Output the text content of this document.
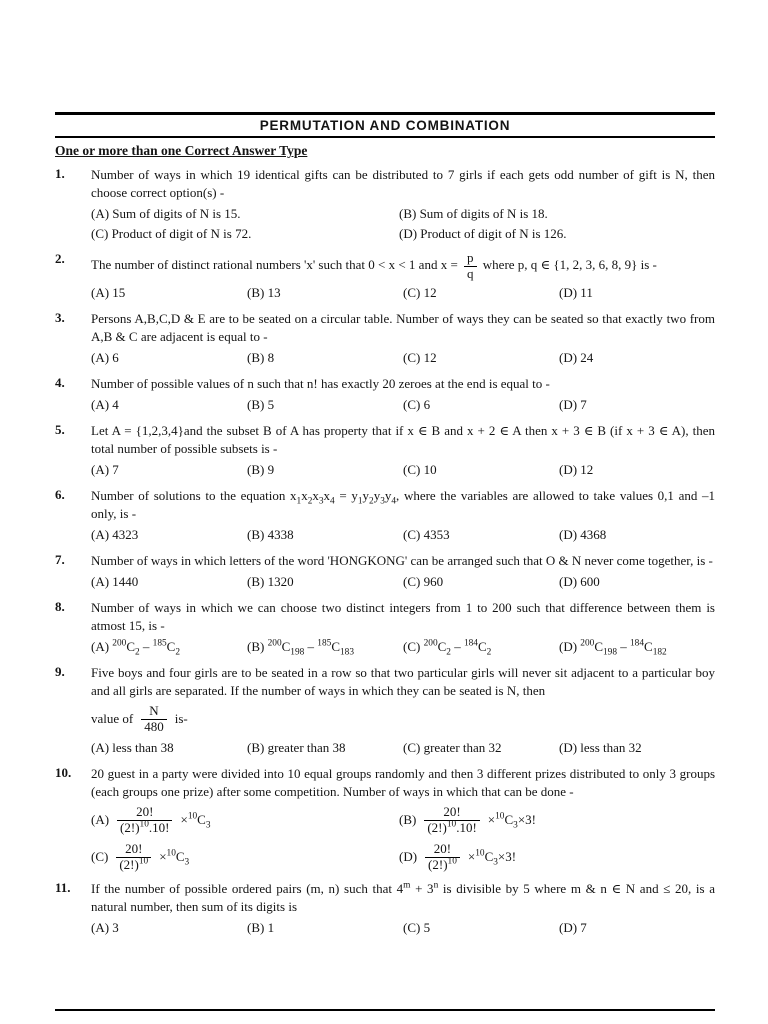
PERMUTATION AND COMBINATION
One or more than one Correct Answer Type
1.	Number of ways in which 19 identical gifts can be distributed to 7 girls if each gets odd number of gift is N, then choose correct option(s) -
(A) Sum of digits of N is 15.	(B) Sum of digits of N is 18.
(C) Product of digit of N is 72.	(D) Product of digit of N is 126.
2.	The number of distinct rational numbers 'x' such that 0 < x < 1 and $x = \frac{p}{q}$ where p, q ∈ {1, 2, 3, 6, 8, 9} is -
(A) 15	(B) 13	(C) 12	(D) 11
3.	Persons A,B,C,D & E are to be seated on a circular table. Number of ways they can be seated so that exactly two from A,B & C are adjacent is equal to -
(A) 6	(B) 8	(C) 12	(D) 24
4.	Number of possible values of n such that n! has exactly 20 zeroes at the end is equal to -
(A) 4	(B) 5	(C) 6	(D) 7
5.	Let A = {1,2,3,4}and the subset B of A has property that if x ∈ B and x + 2 ∈ A then x + 3 ∈ B (if x + 3 ∈ A), then total number of possible subsets is -
(A) 7	(B) 9	(C) 10	(D) 12
6.	Number of solutions to the equation $x_1x_2x_3x_4 = y_1y_2y_3y_4$, where the variables are allowed to take values 0,1 and –1 only, is -
(A) 4323	(B) 4338	(C) 4353	(D) 4368
7.	Number of ways in which letters of the word 'HONGKONG' can be arranged such that O & N never come together, is -
(A) 1440	(B) 1320	(C) 960	(D) 600
8.	Number of ways in which we can choose two distinct integers from 1 to 200 such that difference between them is atmost 15, is -
(A) $^{200}C_2 - ^{185}C_2$	(B) $^{200}C_{198} - ^{185}C_{183}$	(C) $^{200}C_2 - ^{184}C_2$	(D) $^{200}C_{198} - ^{184}C_{182}$
9.	Five boys and four girls are to be seated in a row so that two particular girls will never sit adjacent to a particular boy and all girls are separated. If the number of ways in which they can be seated is N, then
value of $\frac{N}{480} is-$
(A) less than 38	(B) greater than 38	(C) greater than 32	(D) less than 32
10.	20 guest in a party were divided into 10 equal groups randomly and then 3 different prizes distributed to only 3 groups (each groups one prize) after some competition. Number of ways in which that can be done -
$(A) \frac{20!}{(2!)^{10}.10!} \times^{10}C_3$	$(B) \frac{20!}{(2!)^{10}.10!} \times^{10}C_3\times 3$!
$(C) \frac{20!}{(2!)^{10}} \times^{10}C_3$	$(D) \frac{20!}{(2!)^{10}} \times^{10}C_3\times 3$!
11.	If the number of possible ordered pairs (m, n) such that $4^m + 3^n$ is divisible by 5 where m & n ∈ N and ≤ 20, is a natural number, then sum of its digits is
(A) 3	(B) 1	(C) 5	(D) 7
